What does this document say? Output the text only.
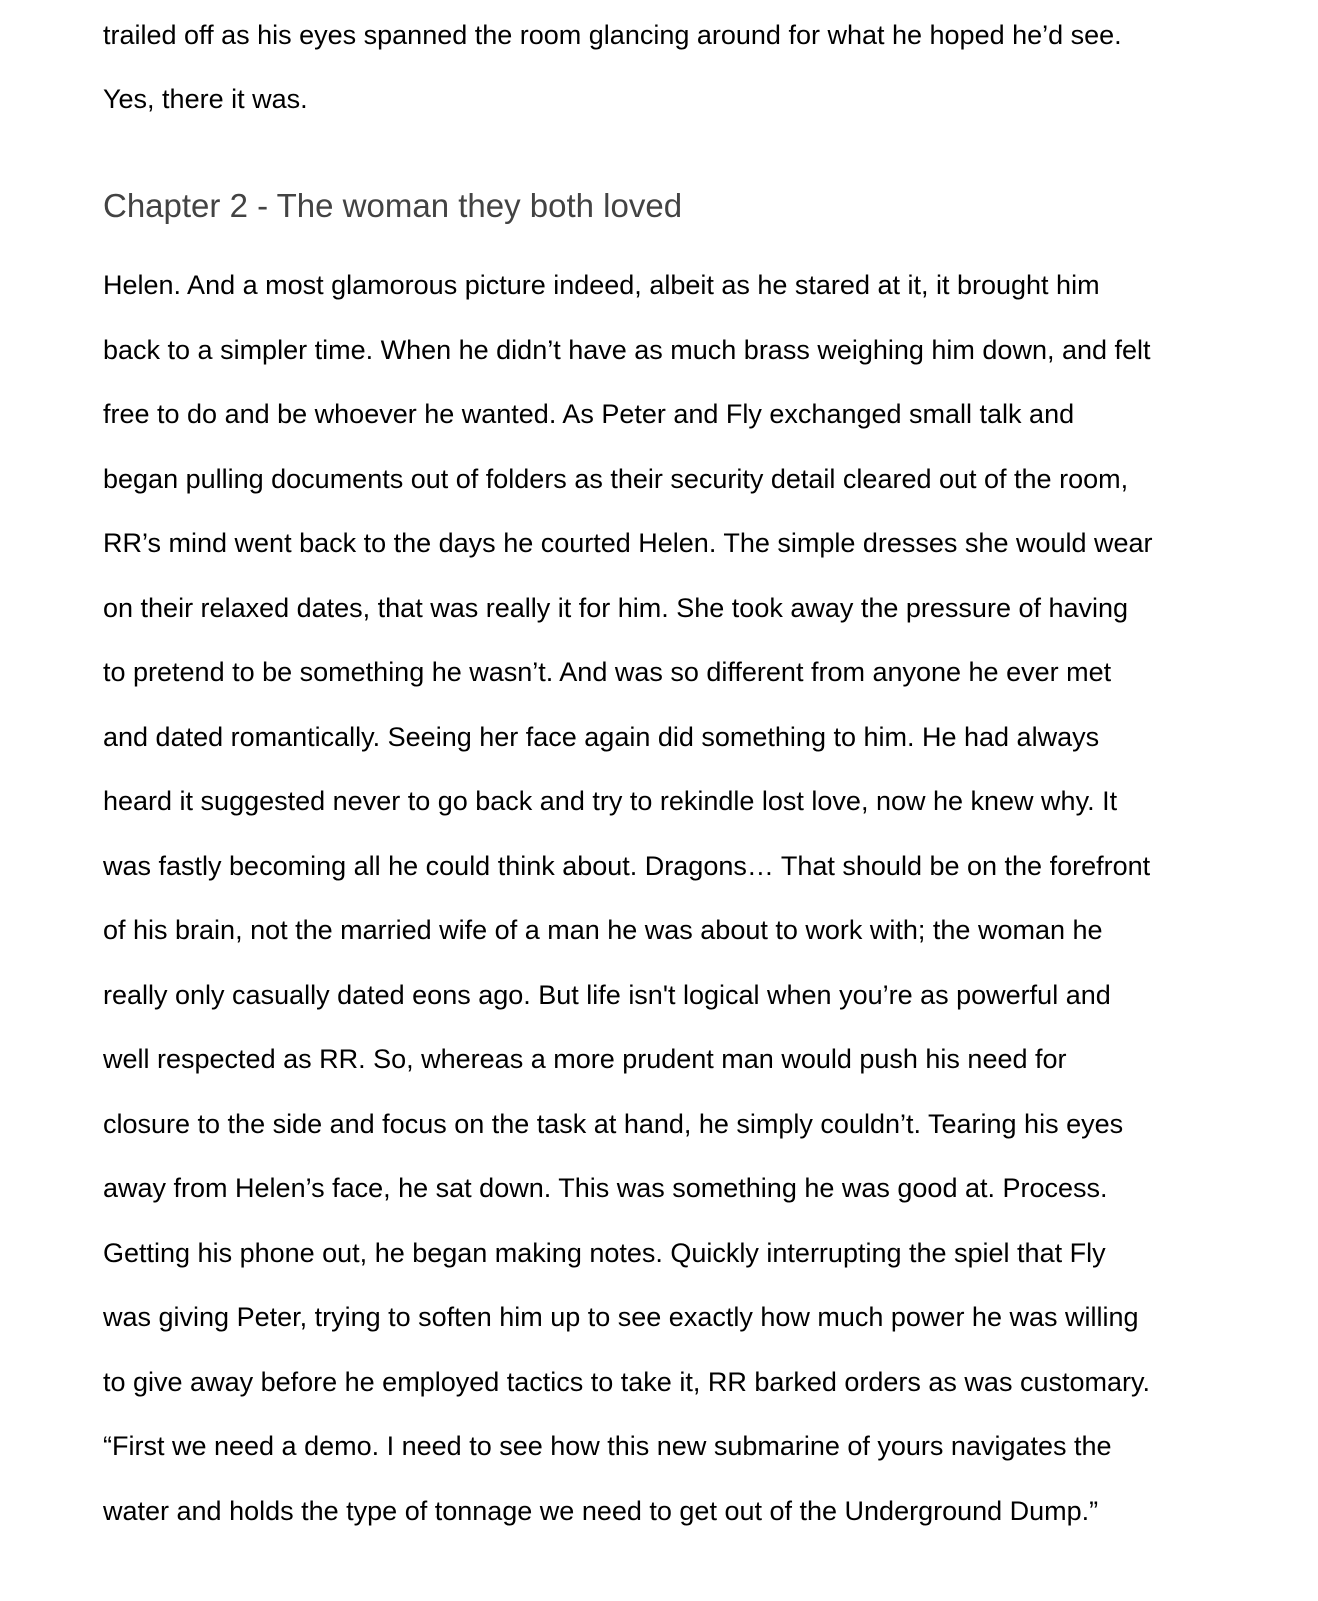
trailed off as his eyes spanned the room glancing around for what he hoped he’d see.
Yes, there it was.
Chapter 2 - The woman they both loved
Helen. And a most glamorous picture indeed, albeit as he stared at it, it brought him
back to a simpler time. When he didn’t have as much brass weighing him down, and felt
free to do and be whoever he wanted. As Peter and Fly exchanged small talk and
began pulling documents out of folders as their security detail cleared out of the room,
RR’s mind went back to the days he courted Helen. The simple dresses she would wear
on their relaxed dates, that was really it for him. She took away the pressure of having
to pretend to be something he wasn’t. And was so different from anyone he ever met
and dated romantically. Seeing her face again did something to him. He had always
heard it suggested never to go back and try to rekindle lost love, now he knew why. It
was fastly becoming all he could think about. Dragons… That should be on the forefront
of his brain, not the married wife of a man he was about to work with; the woman he
really only casually dated eons ago. But life isn't logical when you’re as powerful and
well respected as RR. So, whereas a more prudent man would push his need for
closure to the side and focus on the task at hand, he simply couldn’t. Tearing his eyes
away from Helen’s face, he sat down. This was something he was good at. Process.
Getting his phone out, he began making notes. Quickly interrupting the spiel that Fly
was giving Peter, trying to soften him up to see exactly how much power he was willing
to give away before he employed tactics to take it, RR barked orders as was customary.
“First we need a demo. I need to see how this new submarine of yours navigates the
water and holds the type of tonnage we need to get out of the Underground Dump.”
